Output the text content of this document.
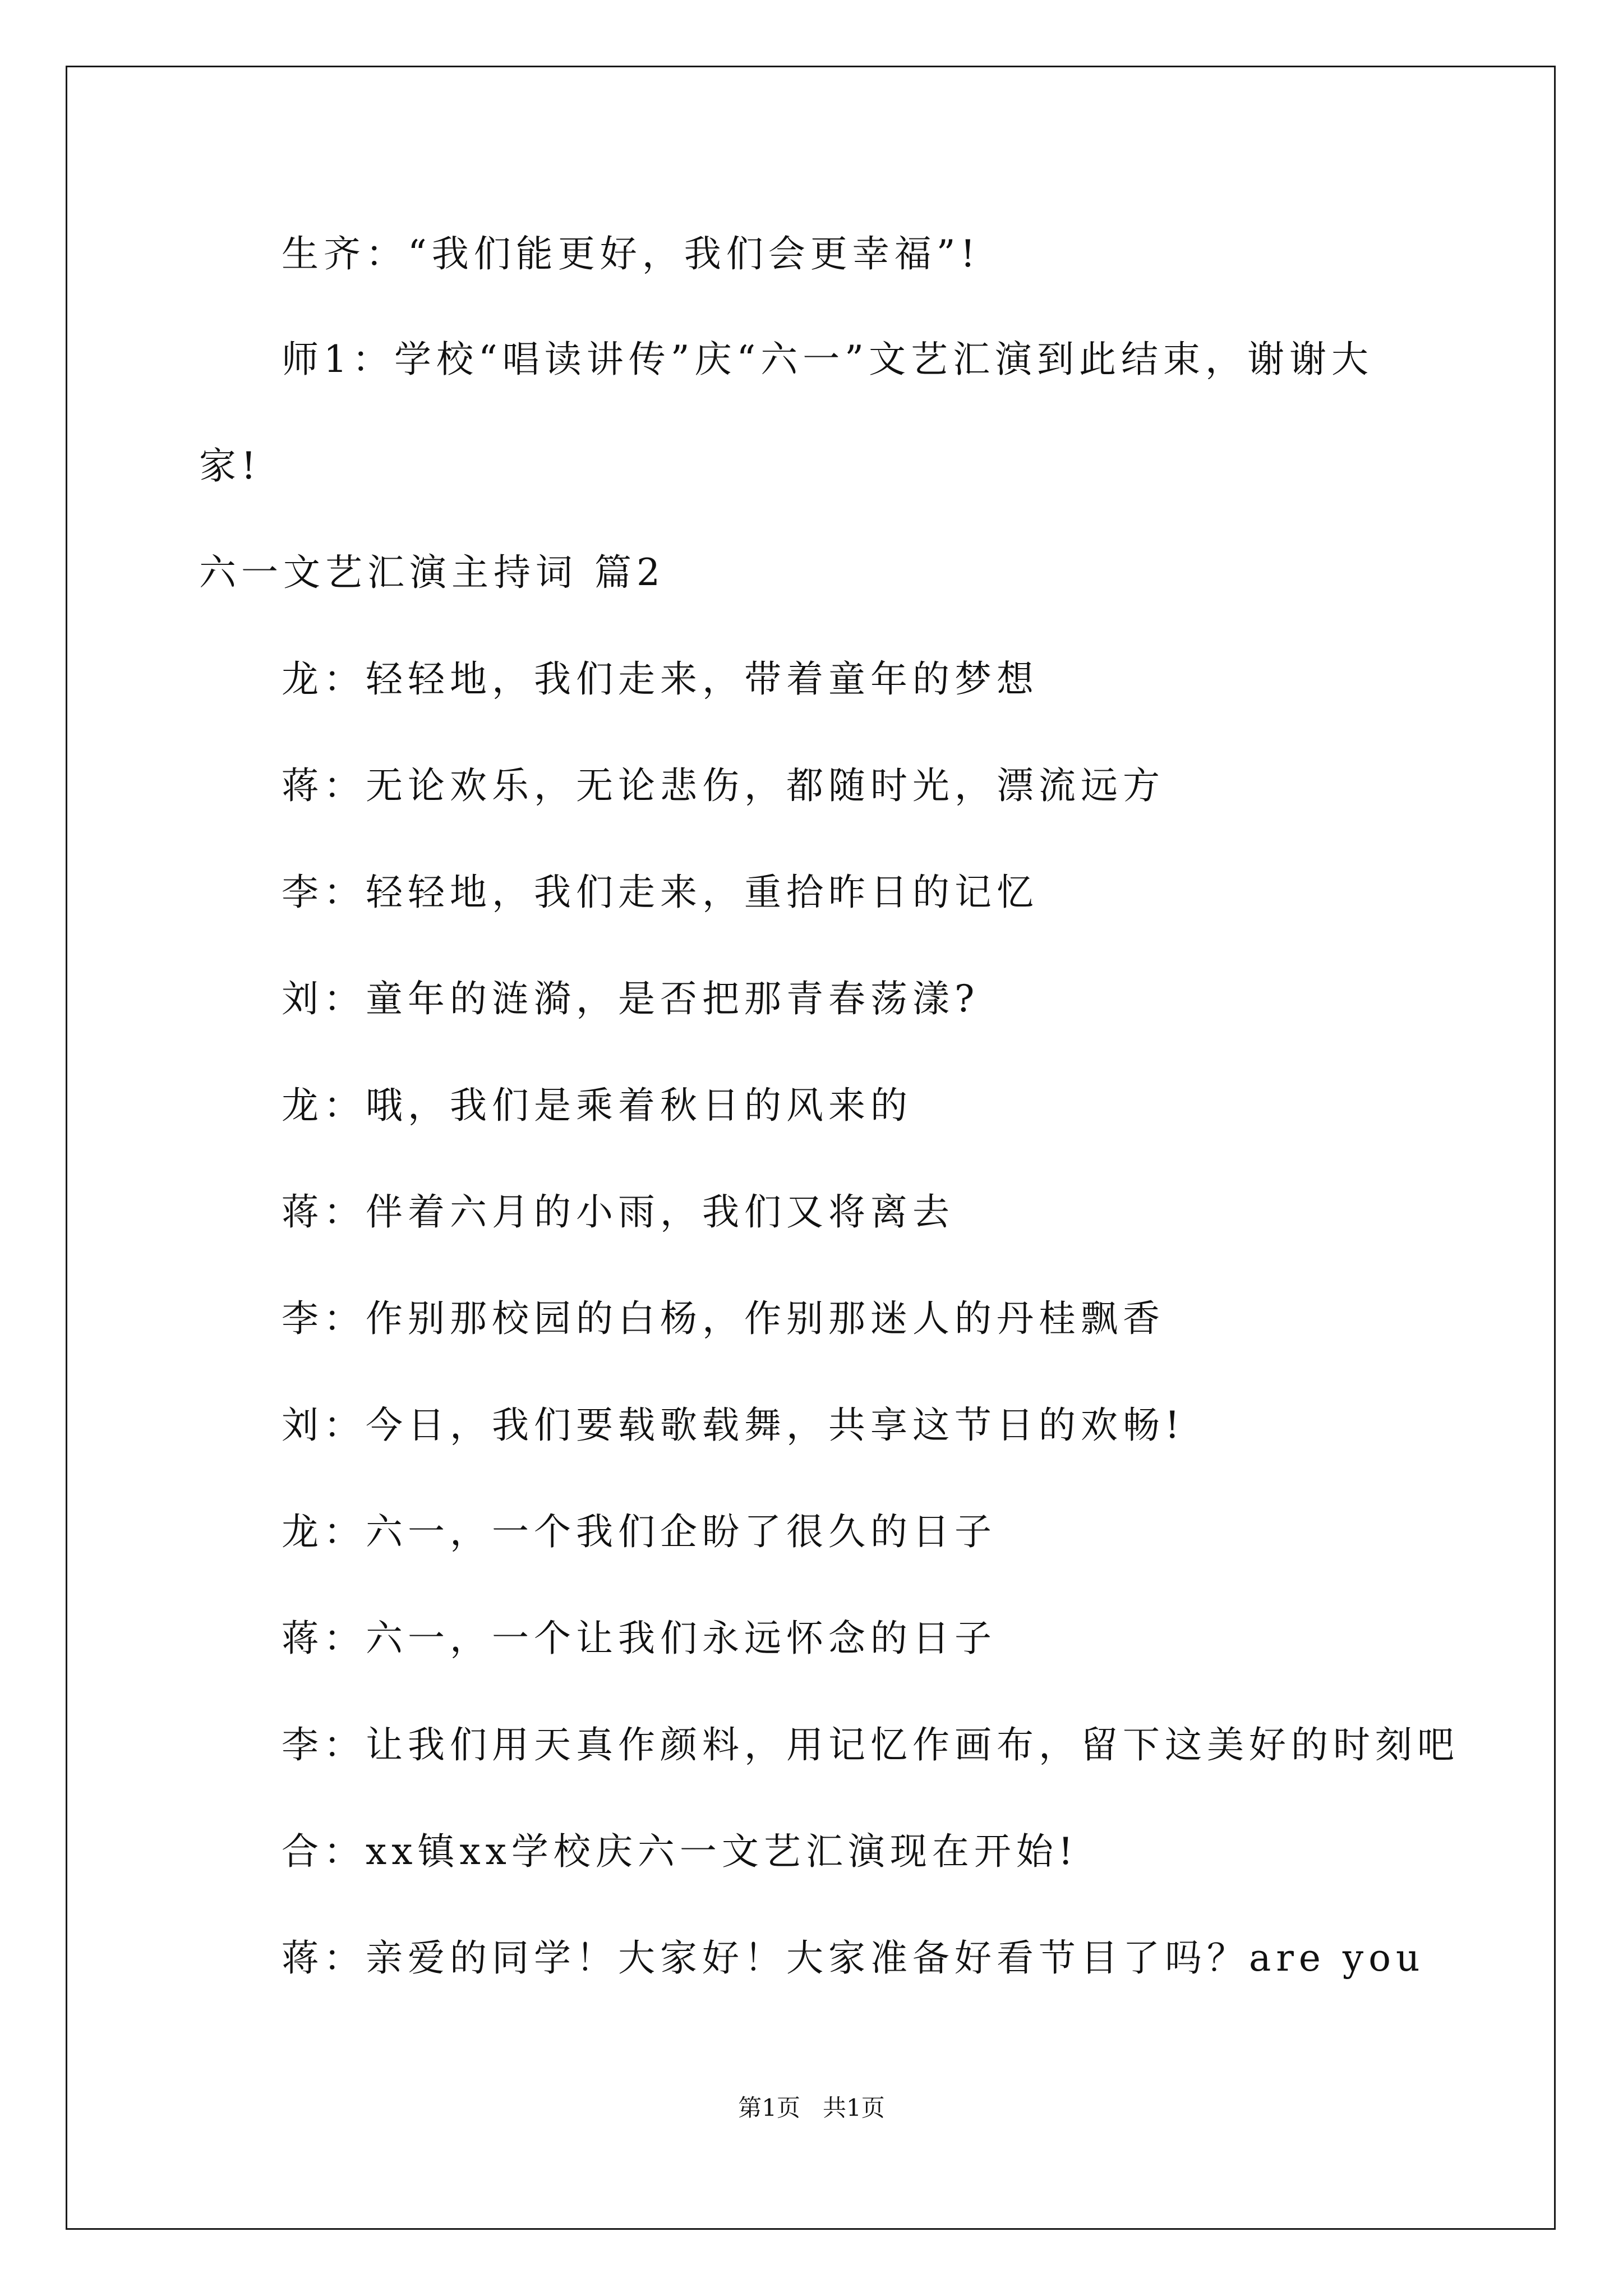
生齐：“我们能更好，我们会更幸福”!
师1：学校“唱读讲传”庆“六一”文艺汇演到此结束，谢谢大
家!
六一文艺汇演主持词 篇2
龙：轻轻地，我们走来，带着童年的梦想
蒋：无论欢乐，无论悲伤，都随时光，漂流远方
李：轻轻地，我们走来，重拾昨日的记忆
刘：童年的涟漪，是否把那青春荡漾?
龙：哦，我们是乘着秋日的风来的
蒋：伴着六月的小雨，我们又将离去
李：作别那校园的白杨，作别那迷人的丹桂飘香
刘：今日，我们要载歌载舞，共享这节日的欢畅!
龙：六一，一个我们企盼了很久的日子
蒋：六一，一个让我们永远怀念的日子
李：让我们用天真作颜料，用记忆作画布，留下这美好的时刻吧
合：xx镇xx学校庆六一文艺汇演现在开始!
蒋：亲爱的同学！大家好！大家准备好看节目了吗？are you
第1页   共1页
